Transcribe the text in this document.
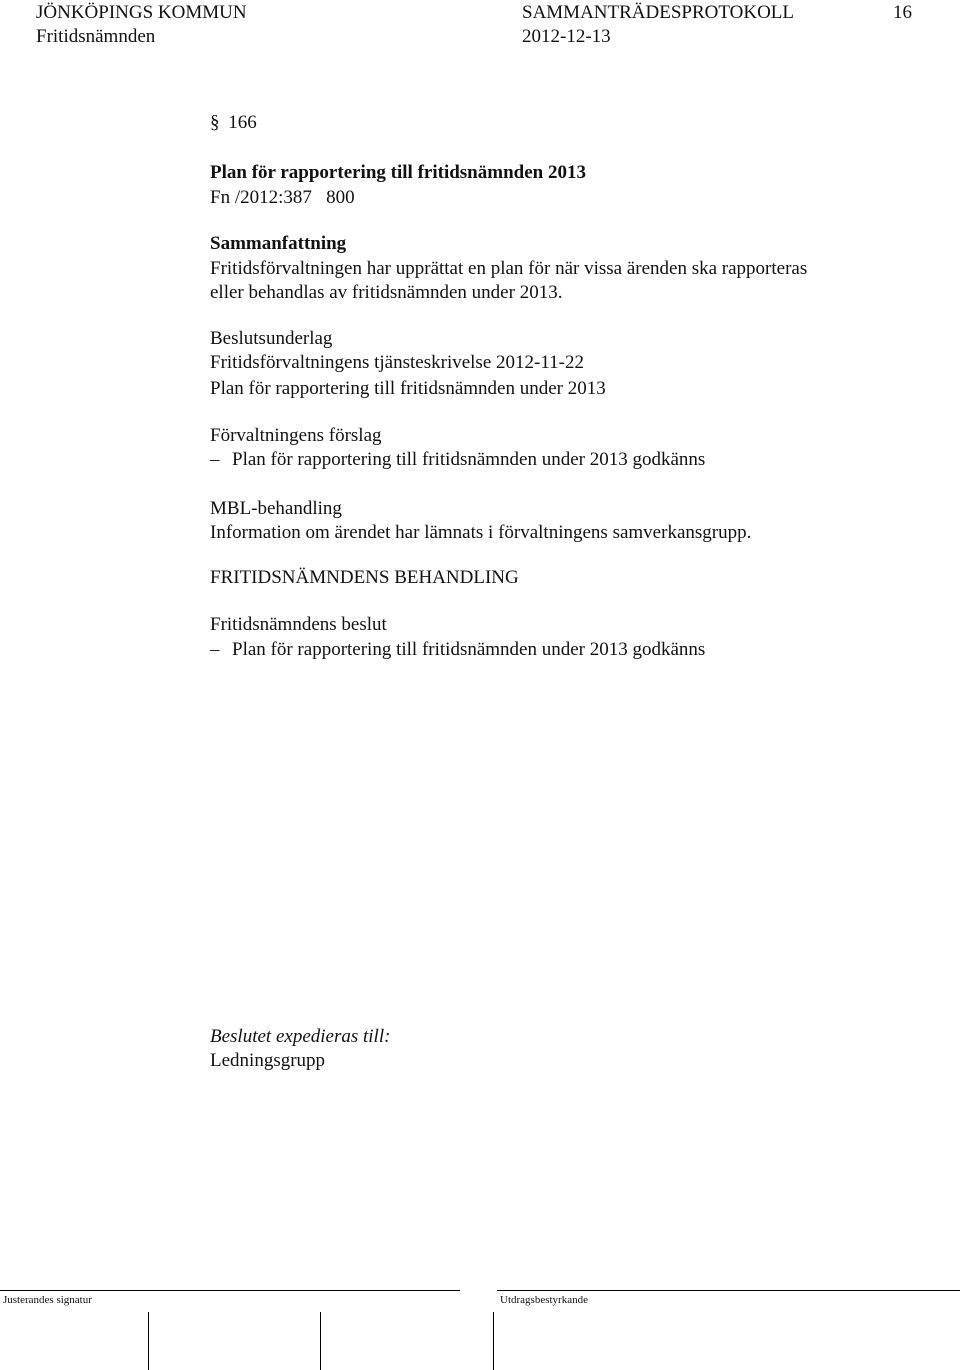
JÖNKÖPINGS KOMMUN	SAMMANTRÄDESPROTOKOLL	16
Fritidsnämnden	2012-12-13
§ 166
Plan för rapportering till fritidsnämnden 2013
Fn /2012:387   800
Sammanfattning
Fritidsförvaltningen har upprättat en plan för när vissa ärenden ska rapporteras
eller behandlas av fritidsnämnden under 2013.
Beslutsunderlag
Fritidsförvaltningens tjänsteskrivelse 2012-11-22
Plan för rapportering till fritidsnämnden under 2013
Förvaltningens förslag
– Plan för rapportering till fritidsnämnden under 2013 godkänns
MBL-behandling
Information om ärendet har lämnats i förvaltningens samverkansgrupp.
FRITIDSNÄMNDENS BEHANDLING
Fritidsnämndens beslut
– Plan för rapportering till fritidsnämnden under 2013 godkänns
Beslutet expedieras till:
Ledningsgrupp
Justerandes signatur	Utdragsbestyrkande
